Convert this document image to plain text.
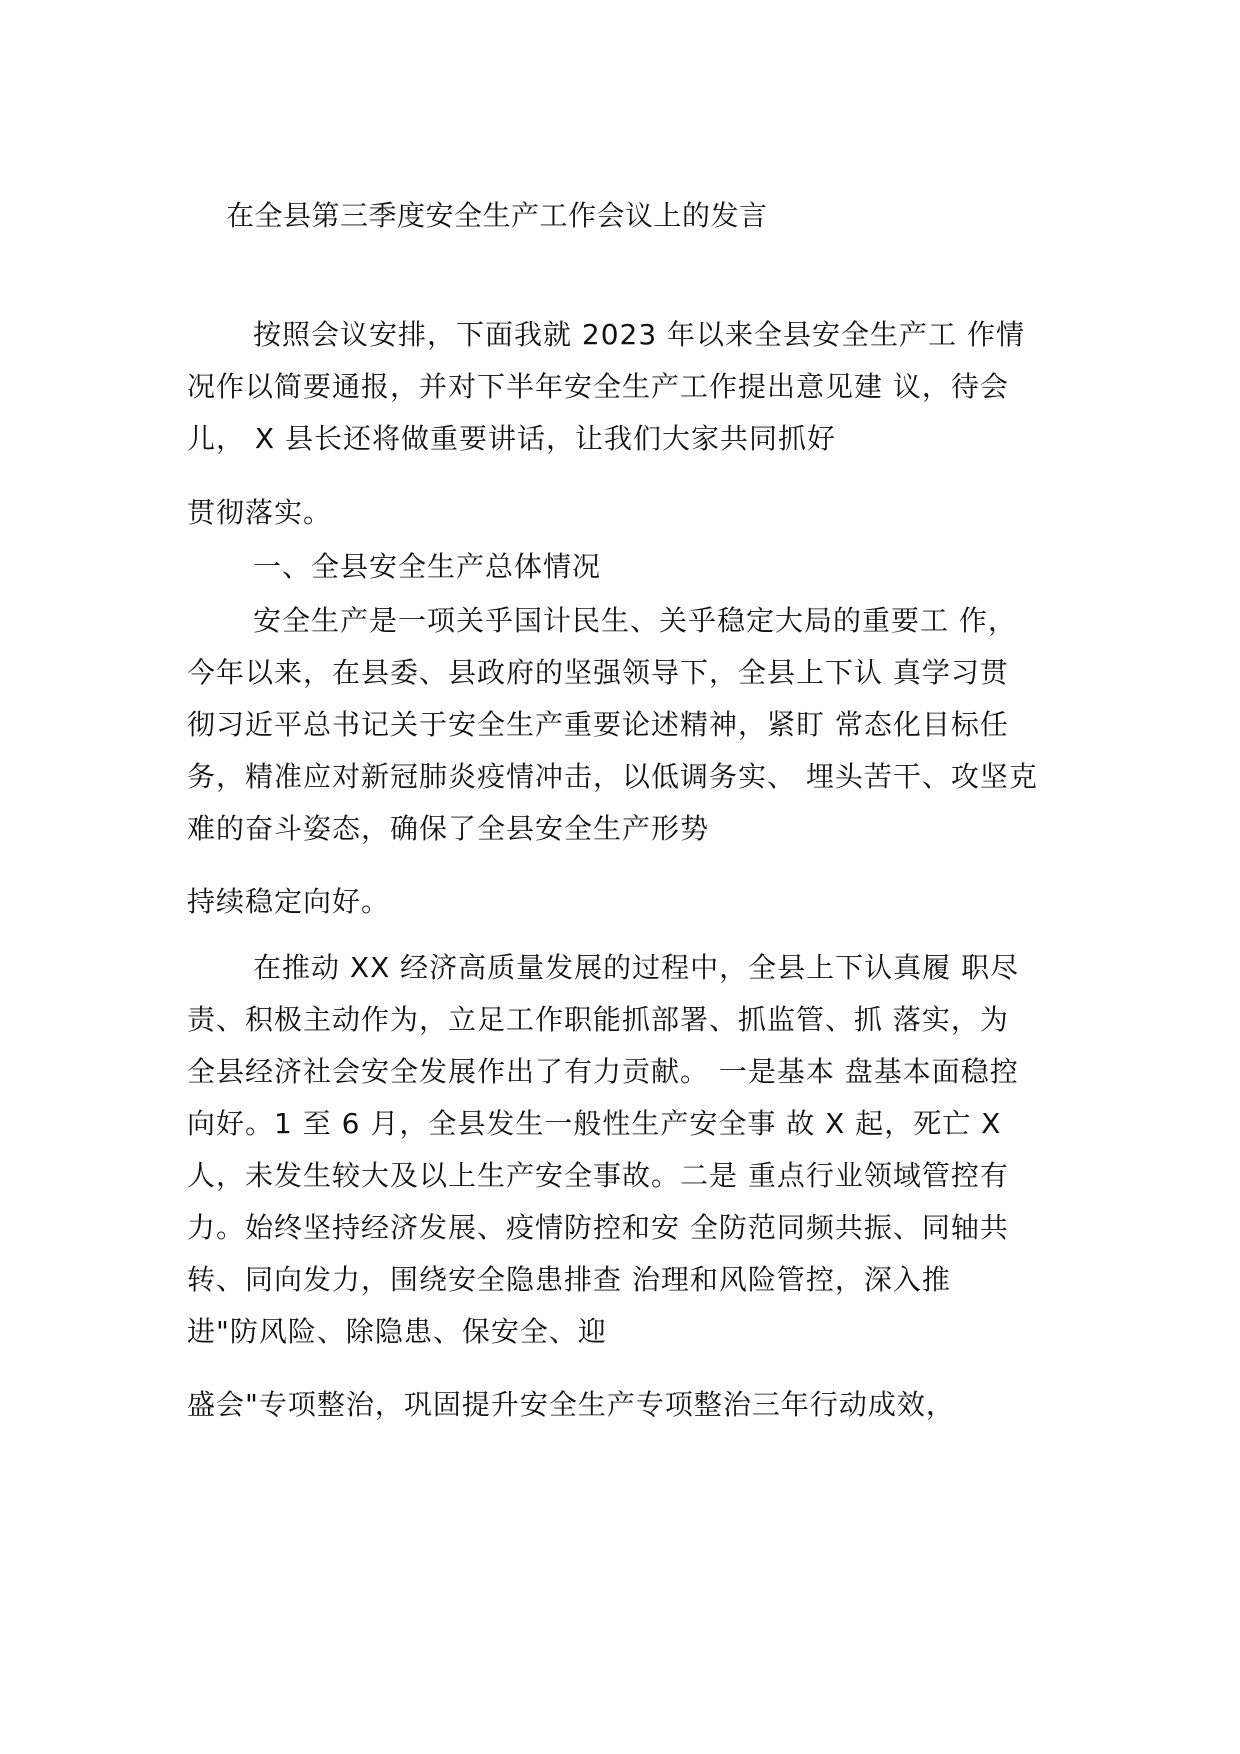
在全县第三季度安全生产工作会议上的发言
按照会议安排，下面我就 2023 年以来全县安全生产工 作情
况作以简要通报，并对下半年安全生产工作提出意见建 议，待会
儿， X 县长还将做重要讲话，让我们大家共同抓好
贯彻落实。
一、全县安全生产总体情况
安全生产是一项关乎国计民生、关乎稳定大局的重要工 作，
今年以来，在县委、县政府的坚强领导下，全县上下认 真学习贯
彻习近平总书记关于安全生产重要论述精神，紧盯 常态化目标任
务，精准应对新冠肺炎疫情冲击，以低调务实、 埋头苦干、攻坚克
难的奋斗姿态，确保了全县安全生产形势
持续稳定向好。
在推动 XX 经济高质量发展的过程中，全县上下认真履 职尽
责、积极主动作为，立足工作职能抓部署、抓监管、抓 落实，为
全县经济社会安全发展作出了有力贡献。 一是基本 盘基本面稳控
向好。1 至 6 月，全县发生一般性生产安全事 故 X 起，死亡 X
人，未发生较大及以上生产安全事故。二是 重点行业领域管控有
力。始终坚持经济发展、疫情防控和安 全防范同频共振、同轴共
转、同向发力，围绕安全隐患排查 治理和风险管控，深入推
进"防风险、除隐患、保安全、迎
盛会"专项整治，巩固提升安全生产专项整治三年行动成效，
